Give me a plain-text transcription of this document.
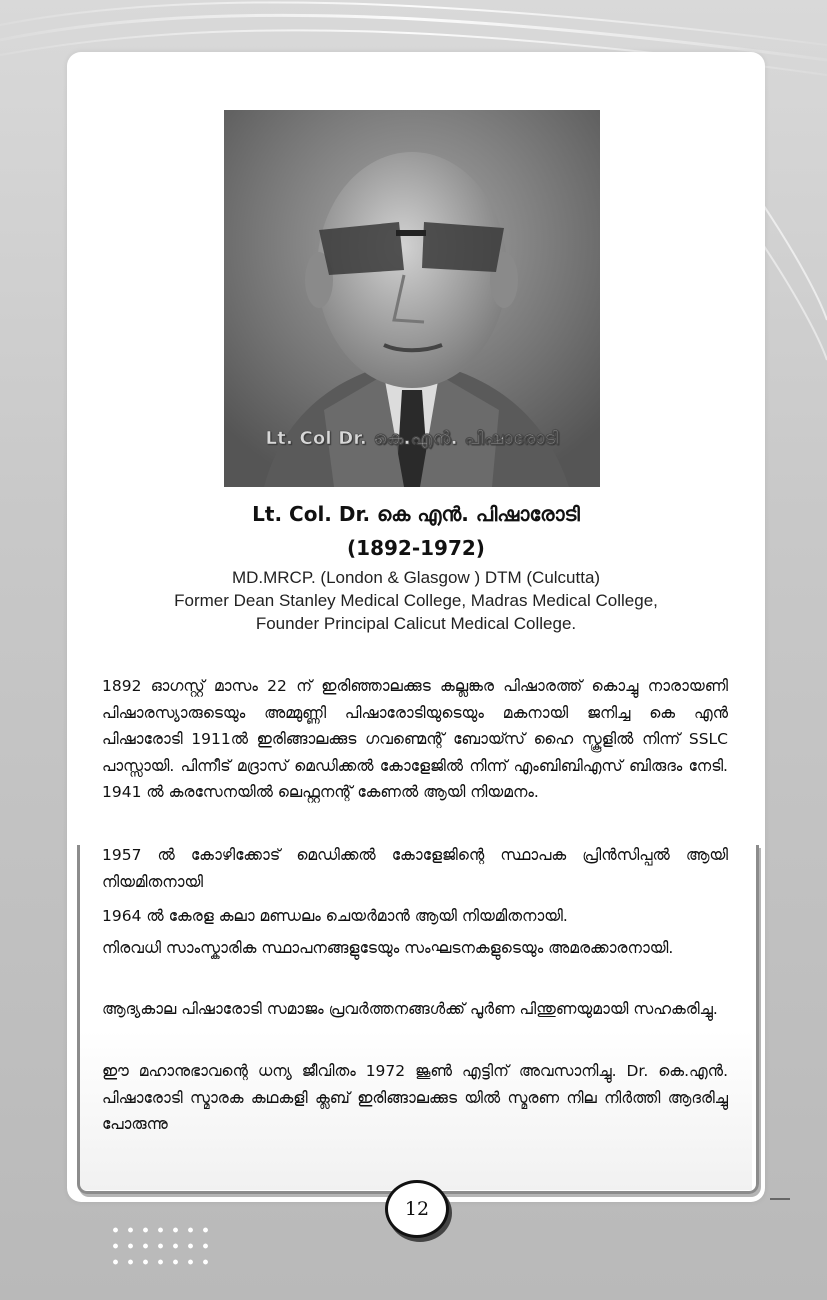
Lt. Col Dr. കെ.എൻ. പിഷാരോടി
Lt. Col. Dr. കെ എൻ. പിഷാരോടി
(1892-1972)
MD.MRCP. (London & Glasgow ) DTM (Culcutta)
Former Dean Stanley Medical College, Madras Medical College,
Founder Principal Calicut Medical College.
1892 ഓഗസ്റ്റ് മാസം 22 ന് ഇരിഞ്ഞാലക്കുട കല്ലങ്കര പിഷാരത്ത് കൊച്ചു നാരായണി പിഷാരസ്യാരുടെയും അമ്മുണ്ണി പിഷാരോടിയുടെയും മകനായി ജനിച്ച കെ എൻ പിഷാരോടി 1911ൽ ഇരിങ്ങാലക്കുട ഗവണ്മെന്റ് ബോയ്സ് ഹൈ സ്കൂളിൽ നിന്ന് SSLC പാസ്സായി. പിന്നീട് മദ്രാസ് മെഡിക്കൽ കോളേജിൽ നിന്ന് എംബിബിഎസ് ബിരുദം നേടി. 1941 ൽ കരസേനയിൽ ലെഫ്റ്റനന്റ് കേണൽ ആയി നിയമനം.
1957 ൽ കോഴിക്കോട് മെഡിക്കൽ കോളേജിന്റെ സ്ഥാപക പ്രിൻസിപ്പൽ ആയി നിയമിതനായി
1964 ൽ കേരള കലാ മണ്ഡലം ചെയർമാൻ ആയി നിയമിതനായി.
നിരവധി സാംസ്കാരിക സ്ഥാപനങ്ങളുടേയും സംഘടനകളുടെയും അമരക്കാരനായി.
ആദ്യകാല പിഷാരോടി സമാജം പ്രവർത്തനങ്ങൾക്ക് പൂർണ പിന്തുണയുമായി സഹകരിച്ചു.
ഈ മഹാനുഭാവന്റെ ധന്യ ജീവിതം 1972 ജൂൺ എട്ടിന് അവസാനിച്ചു. Dr. കെ.എൻ. പിഷാരോടി സ്മാരക കഥകളി ക്ലബ് ഇരിങ്ങാലക്കുട യിൽ സ്മരണ നില നിർത്തി ആദരിച്ചു പോരുന്നു
12
